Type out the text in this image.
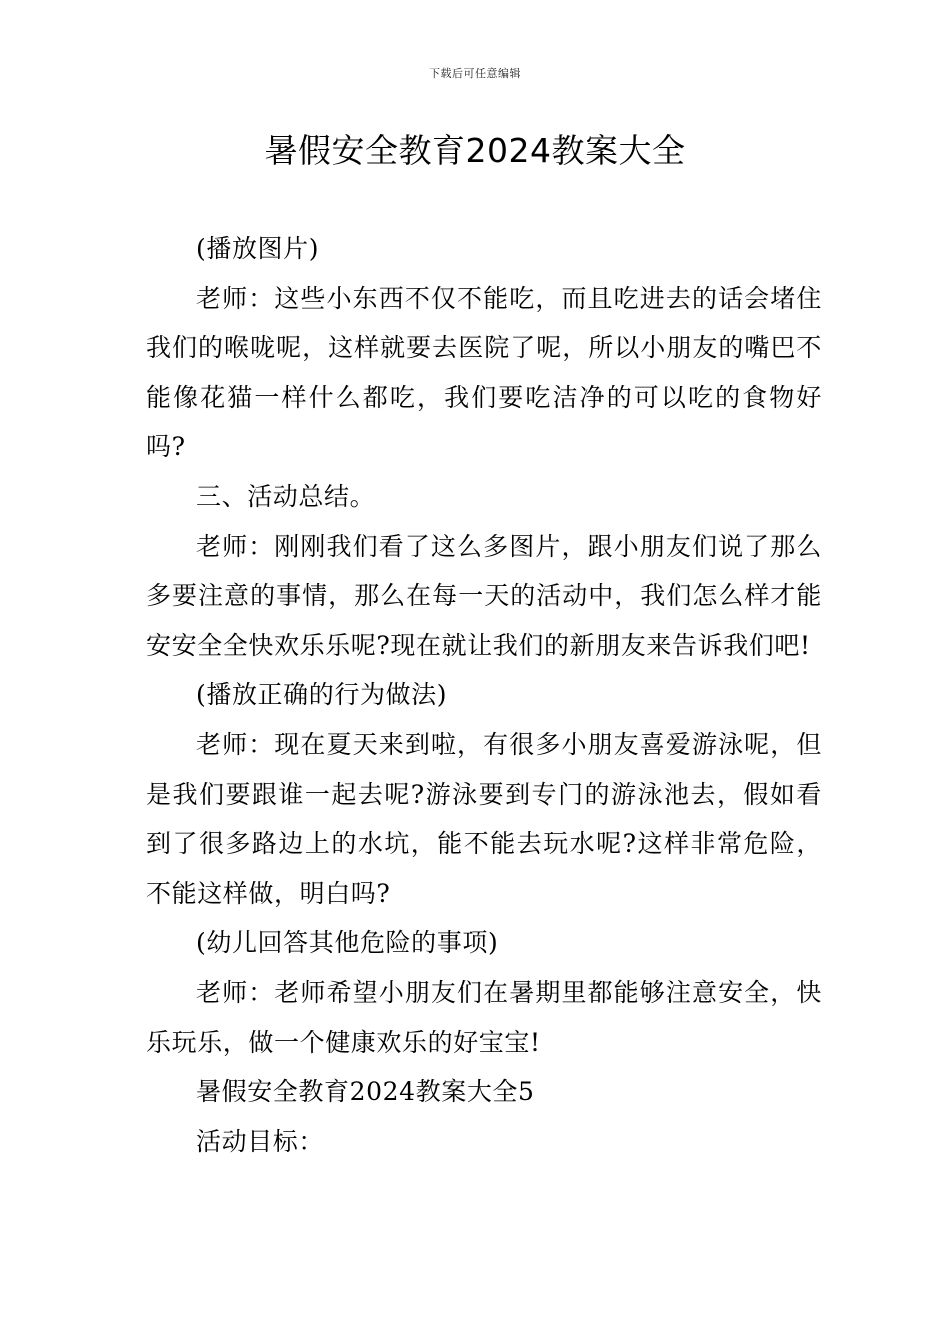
下载后可任意编辑
暑假安全教育2024教案大全

(播放图片)

老师：这些小东西不仅不能吃，而且吃进去的话会堵住我们的喉咙呢，这样就要去医院了呢，所以小朋友的嘴巴不能像花猫一样什么都吃，我们要吃洁净的可以吃的食物好吗?

三、活动总结。

老师：刚刚我们看了这么多图片，跟小朋友们说了那么多要注意的事情，那么在每一天的活动中，我们怎么样才能安安全全快欢乐乐呢?现在就让我们的新朋友来告诉我们吧!

(播放正确的行为做法)

老师：现在夏天来到啦，有很多小朋友喜爱游泳呢，但是我们要跟谁一起去呢?游泳要到专门的游泳池去，假如看到了很多路边上的水坑，能不能去玩水呢?这样非常危险，不能这样做，明白吗?

(幼儿回答其他危险的事项)

老师：老师希望小朋友们在暑期里都能够注意安全，快乐玩乐，做一个健康欢乐的好宝宝!

暑假安全教育2024教案大全5

活动目标：
